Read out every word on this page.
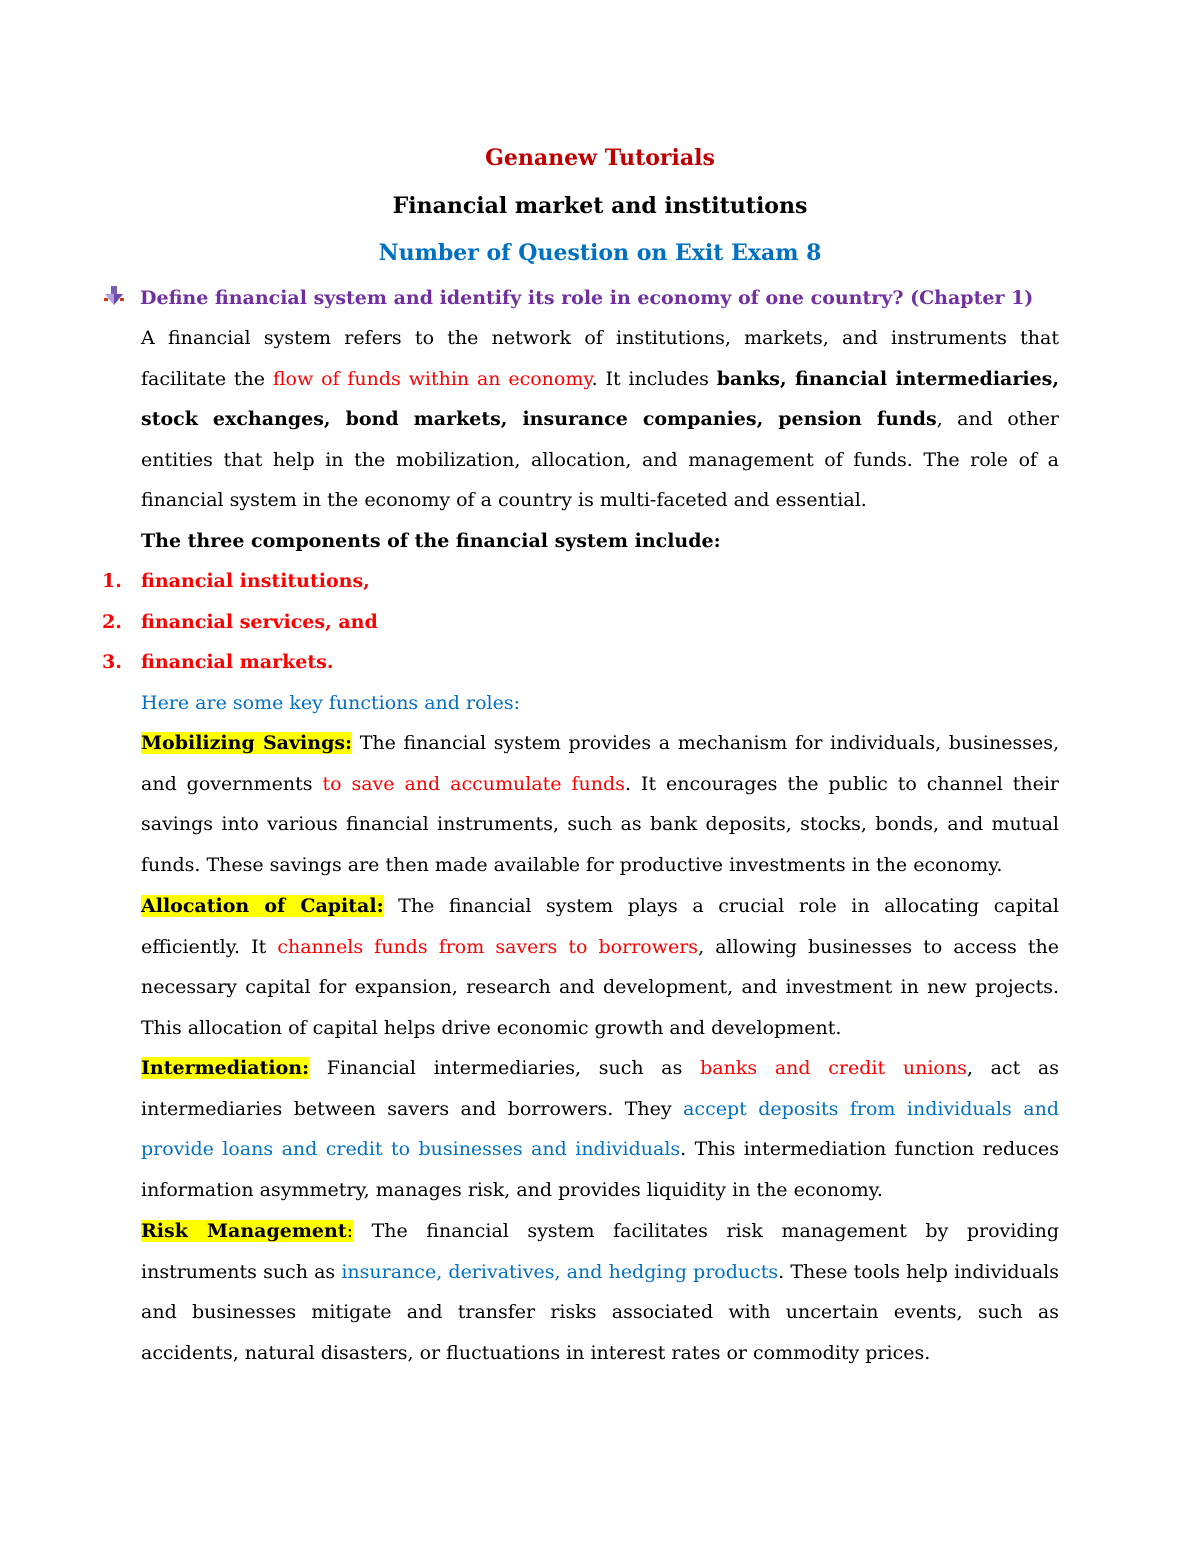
Genanew Tutorials
Financial market and institutions
Number of Question on Exit Exam 8
Define financial system and identify its role in economy of one country? (Chapter 1)

A financial system refers to the network of institutions, markets, and instruments that facilitate the flow of funds within an economy. It includes banks, financial intermediaries, stock exchanges, bond markets, insurance companies, pension funds, and other entities that help in the mobilization, allocation, and management of funds. The role of a financial system in the economy of a country is multi-faceted and essential.

The three components of the financial system include:
1. financial institutions,
2. financial services, and
3. financial markets.
Here are some key functions and roles:

Mobilizing Savings: The financial system provides a mechanism for individuals, businesses, and governments to save and accumulate funds. It encourages the public to channel their savings into various financial instruments, such as bank deposits, stocks, bonds, and mutual funds. These savings are then made available for productive investments in the economy.

Allocation of Capital: The financial system plays a crucial role in allocating capital efficiently. It channels funds from savers to borrowers, allowing businesses to access the necessary capital for expansion, research and development, and investment in new projects. This allocation of capital helps drive economic growth and development.

Intermediation: Financial intermediaries, such as banks and credit unions, act as intermediaries between savers and borrowers. They accept deposits from individuals and provide loans and credit to businesses and individuals. This intermediation function reduces information asymmetry, manages risk, and provides liquidity in the economy.

Risk Management: The financial system facilitates risk management by providing instruments such as insurance, derivatives, and hedging products. These tools help individuals and businesses mitigate and transfer risks associated with uncertain events, such as accidents, natural disasters, or fluctuations in interest rates or commodity prices.
